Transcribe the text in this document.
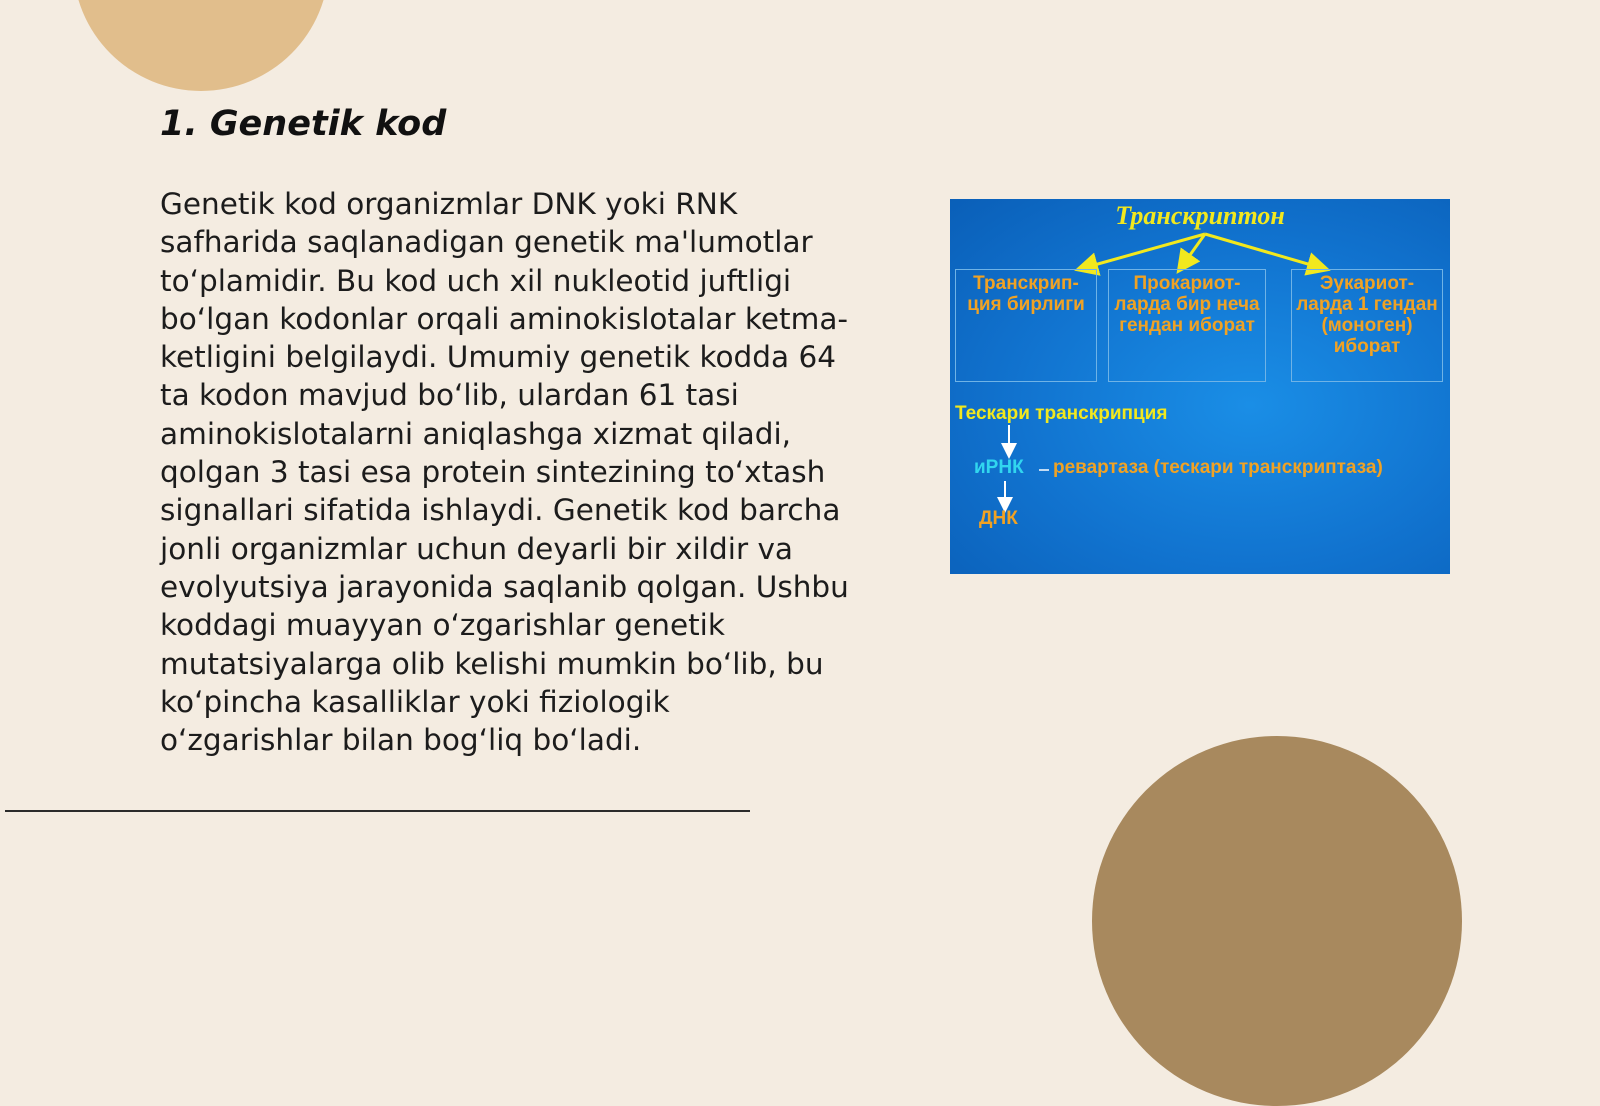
1. Genetik kod

Genetik kod organizmlar DNK yoki RNK safharida saqlanadigan genetik ma'lumotlar to‘plamidir. Bu kod uch xil nukleotid juftligi bo‘lgan kodonlar orqali aminokislotalar ketma-ketligini belgilaydi. Umumiy genetik kodda 64 ta kodon mavjud bo‘lib, ulardan 61 tasi aminokislotalarni aniqlashga xizmat qiladi, qolgan 3 tasi esa protein sintezining to‘xtash signallari sifatida ishlaydi. Genetik kod barcha jonli organizmlar uchun deyarli bir xildir va evolyutsiya jarayonida saqlanib qolgan. Ushbu koddagi muayyan o‘zgarishlar genetik mutatsiyalarga olib kelishi mumkin bo‘lib, bu ko‘pincha kasalliklar yoki fiziologik o‘zgarishlar bilan bog‘liq bo‘ladi.

Транскриптон
Транскрип-ция бирлиги
Прокариот-ларда бир неча гендан иборат
Эукариот-ларда 1 гендан (моноген) иборат
Тескари транскрипция
иРНК ревартаза (тескари транскриптаза)
ДНК
